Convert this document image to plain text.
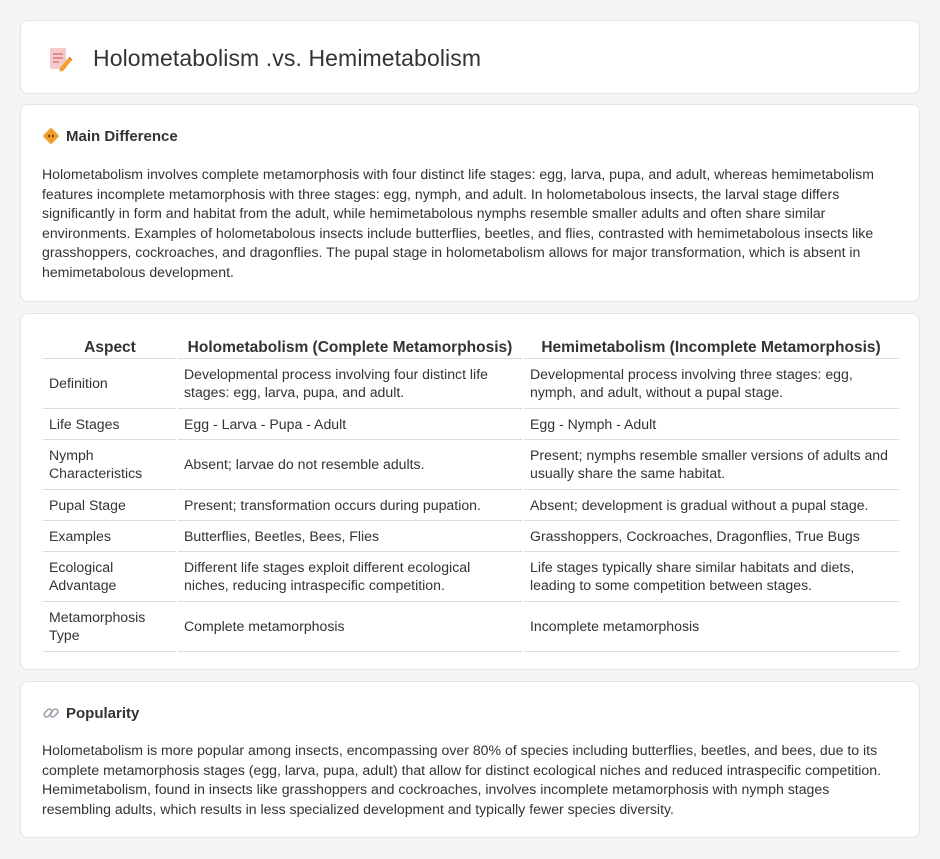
Holometabolism .vs. Hemimetabolism
Main Difference

Holometabolism involves complete metamorphosis with four distinct life stages: egg, larva, pupa, and adult, whereas hemimetabolism features incomplete metamorphosis with three stages: egg, nymph, and adult. In holometabolous insects, the larval stage differs significantly in form and habitat from the adult, while hemimetabolous nymphs resemble smaller adults and often share similar environments. Examples of holometabolous insects include butterflies, beetles, and flies, contrasted with hemimetabolous insects like grasshoppers, cockroaches, and dragonflies. The pupal stage in holometabolism allows for major transformation, which is absent in hemimetabolous development.

Aspect	Holometabolism (Complete Metamorphosis)	Hemimetabolism (Incomplete Metamorphosis)
Definition	Developmental process involving four distinct life stages: egg, larva, pupa, and adult.	Developmental process involving three stages: egg, nymph, and adult, without a pupal stage.
Life Stages	Egg - Larva - Pupa - Adult	Egg - Nymph - Adult
Nymph Characteristics	Absent; larvae do not resemble adults.	Present; nymphs resemble smaller versions of adults and usually share the same habitat.
Pupal Stage	Present; transformation occurs during pupation.	Absent; development is gradual without a pupal stage.
Examples	Butterflies, Beetles, Bees, Flies	Grasshoppers, Cockroaches, Dragonflies, True Bugs
Ecological Advantage	Different life stages exploit different ecological niches, reducing intraspecific competition.	Life stages typically share similar habitats and diets, leading to some competition between stages.
Metamorphosis Type	Complete metamorphosis	Incomplete metamorphosis
Popularity

Holometabolism is more popular among insects, encompassing over 80% of species including butterflies, beetles, and bees, due to its complete metamorphosis stages (egg, larva, pupa, adult) that allow for distinct ecological niches and reduced intraspecific competition. Hemimetabolism, found in insects like grasshoppers and cockroaches, involves incomplete metamorphosis with nymph stages resembling adults, which results in less specialized development and typically fewer species diversity.
